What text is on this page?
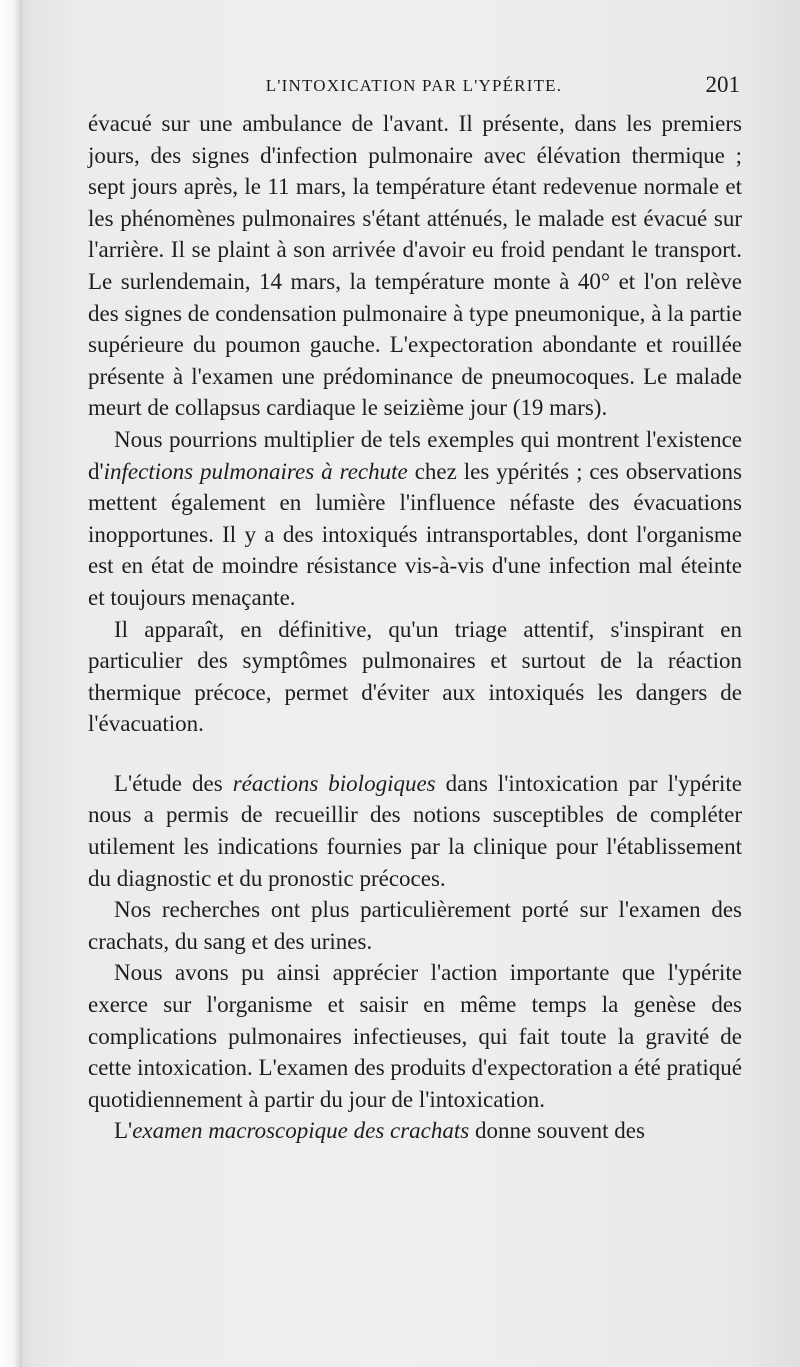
L'INTOXICATION PAR L'YPÉRITE.	201

évacué sur une ambulance de l'avant. Il présente, dans les premiers jours, des signes d'infection pulmonaire avec élévation thermique ; sept jours après, le 11 mars, la température étant redevenue normale et les phénomènes pulmonaires s'étant atténués, le malade est évacué sur l'arrière. Il se plaint à son arrivée d'avoir eu froid pendant le transport. Le surlendemain, 14 mars, la température monte à 40° et l'on relève des signes de condensation pulmonaire à type pneumonique, à la partie supérieure du poumon gauche. L'expectoration abondante et rouillée présente à l'examen une prédominance de pneumocoques. Le malade meurt de collapsus cardiaque le seizième jour (19 mars).

Nous pourrions multiplier de tels exemples qui montrent l'existence d'infections pulmonaires à rechute chez les ypérités ; ces observations mettent également en lumière l'influence néfaste des évacuations inopportunes. Il y a des intoxiqués intransportables, dont l'organisme est en état de moindre résistance vis-à-vis d'une infection mal éteinte et toujours menaçante.

Il apparaît, en définitive, qu'un triage attentif, s'inspirant en particulier des symptômes pulmonaires et surtout de la réaction thermique précoce, permet d'éviter aux intoxiqués les dangers de l'évacuation.

L'étude des réactions biologiques dans l'intoxication par l'ypérite nous a permis de recueillir des notions susceptibles de compléter utilement les indications fournies par la clinique pour l'établissement du diagnostic et du pronostic précoces.

Nos recherches ont plus particulièrement porté sur l'examen des crachats, du sang et des urines.

Nous avons pu ainsi apprécier l'action importante que l'ypérite exerce sur l'organisme et saisir en même temps la genèse des complications pulmonaires infectieuses, qui fait toute la gravité de cette intoxication. L'examen des produits d'expectoration a été pratiqué quotidiennement à partir du jour de l'intoxication.

L'examen macroscopique des crachats donne souvent des
